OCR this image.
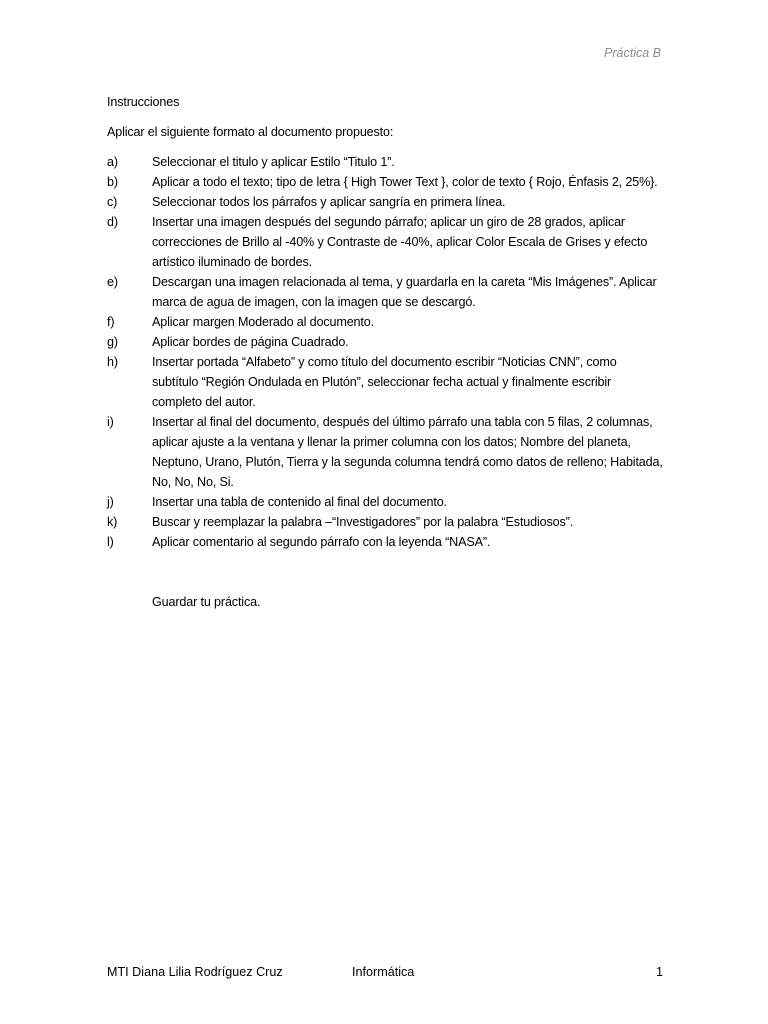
Práctica B

Instrucciones

Aplicar el siguiente formato al documento propuesto:

a)	Seleccionar el titulo y aplicar Estilo “Titulo 1”.
b)	Aplicar a todo el texto; tipo de letra { High Tower Text }, color de texto { Rojo, Énfasis 2, 25%}.
c)	Seleccionar todos los párrafos y aplicar sangría en primera línea.
d)	Insertar una imagen después del segundo párrafo; aplicar un giro de 28 grados, aplicar correcciones de Brillo al -40% y Contraste de -40%, aplicar Color Escala de Grises y efecto artístico iluminado de bordes.
e)	Descargan una imagen relacionada al tema, y guardarla en la careta “Mis Imágenes”. Aplicar marca de agua de imagen, con la imagen que se descargó.
f)	Aplicar margen Moderado al documento.
g)	Aplicar bordes de página Cuadrado.
h)	Insertar portada “Alfabeto” y como título del documento escribir “Noticias CNN”, como subtítulo “Región Ondulada en Plutón”, seleccionar fecha actual y finalmente escribir completo del autor.
i)	Insertar al final del documento, después del último párrafo una tabla con 5 filas, 2 columnas, aplicar ajuste a la ventana y llenar la primer columna con los datos; Nombre del planeta, Neptuno, Urano, Plutón, Tierra y la segunda columna tendrá como datos de relleno; Habitada, No, No, No, Si.
j)	Insertar una tabla de contenido al final del documento.
k)	Buscar y reemplazar la palabra –“Investigadores” por la palabra “Estudiosos”.
l)	Aplicar comentario al segundo párrafo con la leyenda “NASA”.

Guardar tu práctica.

MTI Diana Lilia Rodríguez Cruz	Informática	1
